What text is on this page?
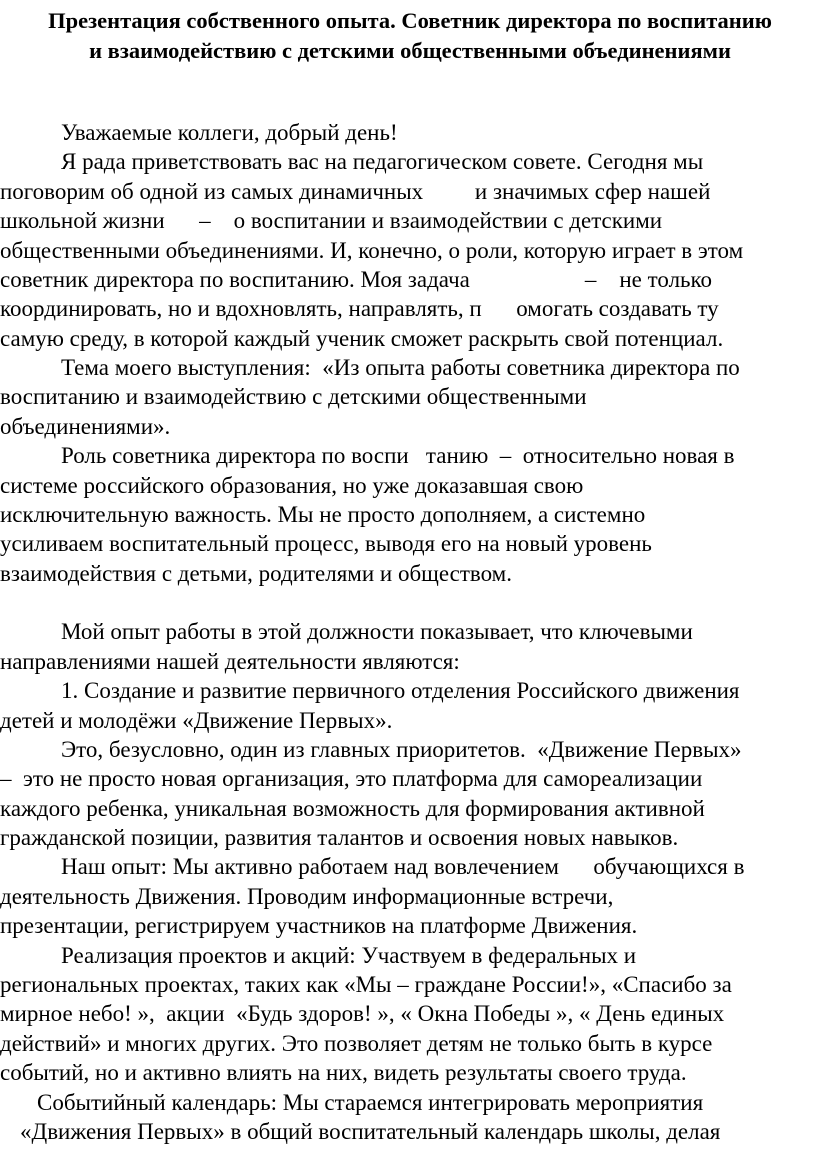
Презентация собственного опыта. Советник директора по воспитанию и взаимодействию с детскими общественными объединениями
Уважаемые коллеги, добрый день!
Я рада приветствовать вас на педагогическом совете. Сегодня мы
поговорим об одной из самых динамичных         и значимых сфер нашей
школьной жизни      –    о воспитании и взаимодействии с детскими
общественными объединениями. И, конечно, о роли, которую играет в этом
советник директора по воспитанию. Моя задача                    –    не только
координировать, но и вдохновлять, направлять, п      омогать создавать ту
самую среду, в которой каждый ученик сможет раскрыть свой потенциал.
Тема моего выступления:  «Из опыта работы советника директора по
воспитанию и взаимодействию с детскими общественными
объединениями».
Роль советника директора по воспи   танию  –  относительно новая в
системе российского образования, но уже доказавшая свою
исключительную важность. Мы не просто дополняем, а системно
усиливаем воспитательный процесс, выводя его на новый уровень
взаимодействия с детьми, родителями и обществом.
Мой опыт работы в этой должности показывает, что ключевыми
направлениями нашей деятельности являются:
1. Создание и развитие первичного отделения Российского движения
детей и молодёжи «Движение Первых».
Это, безусловно, один из главных приоритетов.  «Движение Первых»
–  это не просто новая организация, это платформа для самореализации
каждого ребенка, уникальная возможность для формирования активной
гражданской позиции, развития талантов и освоения новых навыков.
Наш опыт: Мы активно работаем над вовлечением      обучающихся в
деятельность Движения. Проводим информационные встречи,
презентации, регистрируем участников на платформе Движения.
Реализация проектов и акций: Участвуем в федеральных и
региональных проектах, таких как «Мы – граждане России!», «Спасибо за
мирное небо! »,  акции  «Будь здоров! », « Окна Победы », « День единых
действий» и многих других. Это позволяет детям не только быть в курсе
событий, но и активно влиять на них, видеть результаты своего труда.
Событийный календарь: Мы стараемся интегрировать мероприятия
«Движения Первых» в общий воспитательный календарь школы, делая
